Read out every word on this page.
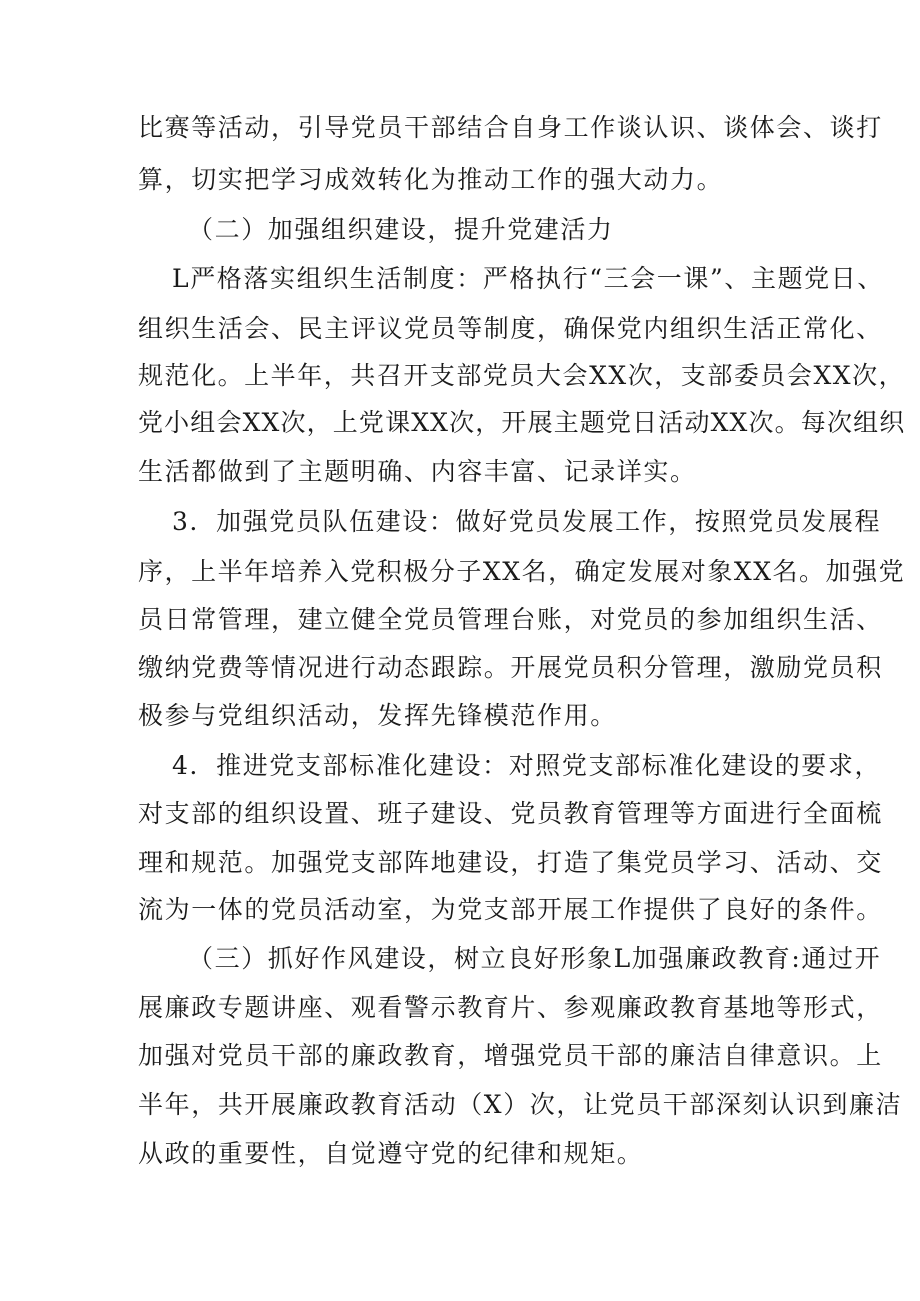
比赛等活动，引导党员干部结合自身工作谈认识、谈体会、谈打

算，切实把学习成效转化为推动工作的强大动力。

（二）加强组织建设，提升党建活力

L严格落实组织生活制度：严格执行“三会一课”、主题党日、

组织生活会、民主评议党员等制度，确保党内组织生活正常化、

规范化。上半年，共召开支部党员大会XX次，支部委员会XX次，

党小组会XX次，上党课XX次，开展主题党日活动XX次。每次组织

生活都做到了主题明确、内容丰富、记录详实。

3．加强党员队伍建设：做好党员发展工作，按照党员发展程

序，上半年培养入党积极分子XX名，确定发展对象XX名。加强党

员日常管理，建立健全党员管理台账，对党员的参加组织生活、

缴纳党费等情况进行动态跟踪。开展党员积分管理，激励党员积

极参与党组织活动，发挥先锋模范作用。

4．推进党支部标准化建设：对照党支部标准化建设的要求，

对支部的组织设置、班子建设、党员教育管理等方面进行全面梳

理和规范。加强党支部阵地建设，打造了集党员学习、活动、交

流为一体的党员活动室，为党支部开展工作提供了良好的条件。

（三）抓好作风建设，树立良好形象L加强廉政教育:通过开

展廉政专题讲座、观看警示教育片、参观廉政教育基地等形式，

加强对党员干部的廉政教育，增强党员干部的廉洁自律意识。上

半年，共开展廉政教育活动（X）次，让党员干部深刻认识到廉洁

从政的重要性，自觉遵守党的纪律和规矩。
